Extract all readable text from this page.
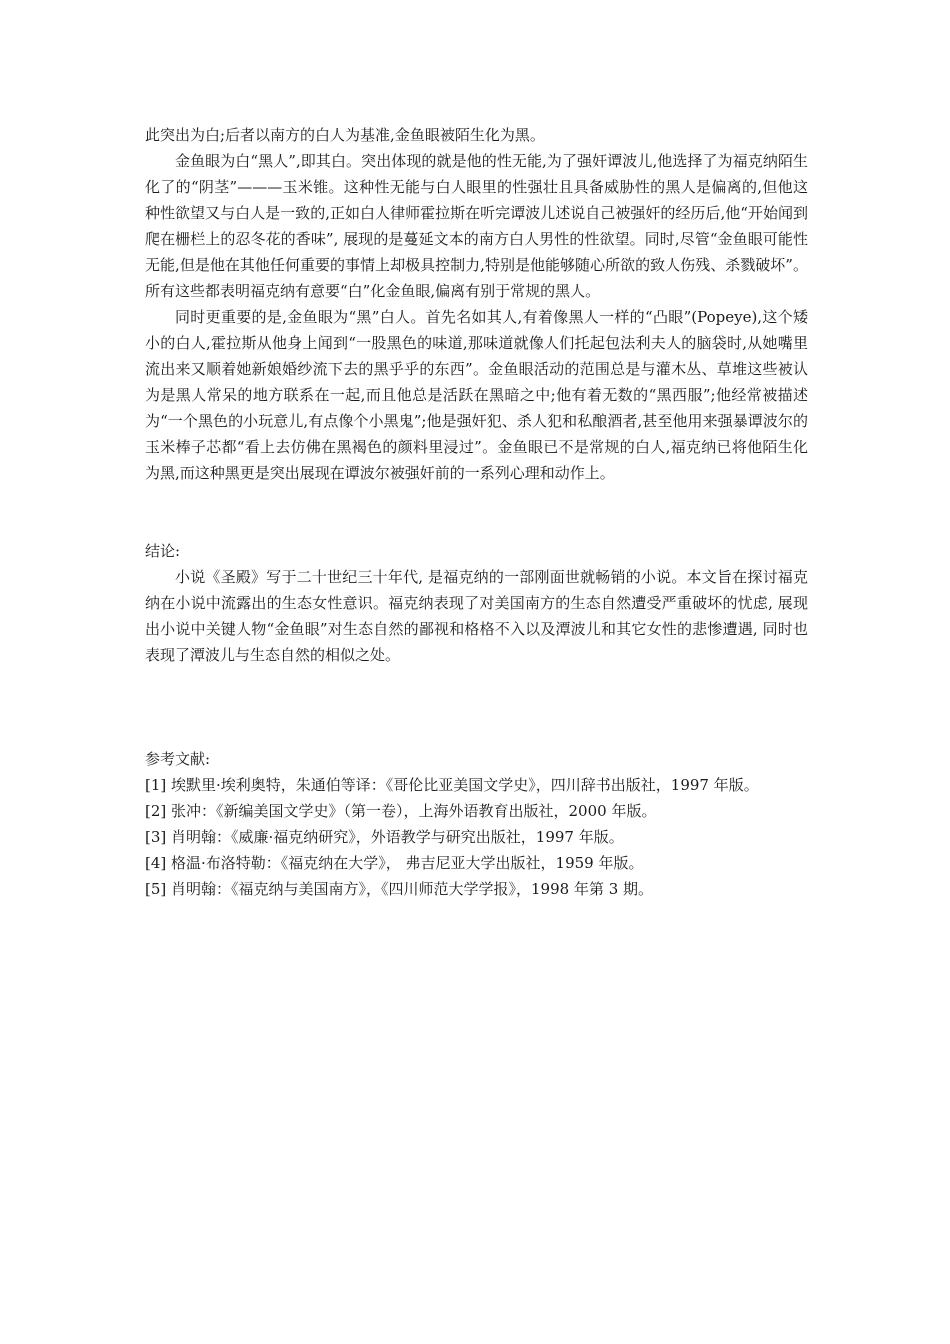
此突出为白;后者以南方的白人为基准,金鱼眼被陌生化为黑。

金鱼眼为白“黑人”,即其白。突出体现的就是他的性无能,为了强奸谭波儿,他选择了为福克纳陌生化了的“阴茎”———玉米锥。这种性无能与白人眼里的性强壮且具备威胁性的黑人是偏离的,但他这种性欲望又与白人是一致的,正如白人律师霍拉斯在听完谭波儿述说自己被强奸的经历后,他“开始闻到爬在栅栏上的忍冬花的香味”, 展现的是蔓延文本的南方白人男性的性欲望。同时,尽管“金鱼眼可能性无能,但是他在其他任何重要的事情上却极具控制力,特别是他能够随心所欲的致人伤残、杀戮破坏”。所有这些都表明福克纳有意要“白”化金鱼眼,偏离有别于常规的黑人。

同时更重要的是,金鱼眼为“黑”白人。首先名如其人,有着像黑人一样的“凸眼”(Popeye),这个矮小的白人,霍拉斯从他身上闻到“一股黑色的味道,那味道就像人们托起包法利夫人的脑袋时,从她嘴里流出来又顺着她新娘婚纱流下去的黑乎乎的东西”。金鱼眼活动的范围总是与灌木丛、草堆这些被认为是黑人常呆的地方联系在一起,而且他总是活跃在黑暗之中;他有着无数的“黑西服”;他经常被描述为“一个黑色的小玩意儿,有点像个小黑鬼”;他是强奸犯、杀人犯和私酿酒者,甚至他用来强暴谭波尔的玉米棒子芯都“看上去仿佛在黑褐色的颜料里浸过”。金鱼眼已不是常规的白人,福克纳已将他陌生化为黑,而这种黑更是突出展现在谭波尔被强奸前的一系列心理和动作上。

结论:

小说《圣殿》写于二十世纪三十年代, 是福克纳的一部刚面世就畅销的小说。本文旨在探讨福克纳在小说中流露出的生态女性意识。福克纳表现了对美国南方的生态自然遭受严重破坏的忧虑, 展现出小说中关键人物“金鱼眼”对生态自然的鄙视和格格不入以及潭波儿和其它女性的悲惨遭遇, 同时也表现了潭波儿与生态自然的相似之处。

参考文献:

[1] 埃默里·埃利奥特，朱通伯等译：《哥伦比亚美国文学史》，四川辞书出版社，1997 年版。
[2] 张冲：《新编美国文学史》（第一卷），上海外语教育出版社，2000 年版。
[3] 肖明翰：《威廉·福克纳研究》，外语教学与研究出版社，1997 年版。
[4] 格温·布洛特勒：《福克纳在大学》， 弗吉尼亚大学出版社，1959 年版。
[5] 肖明翰：《福克纳与美国南方》，《四川师范大学学报》，1998 年第 3 期。
